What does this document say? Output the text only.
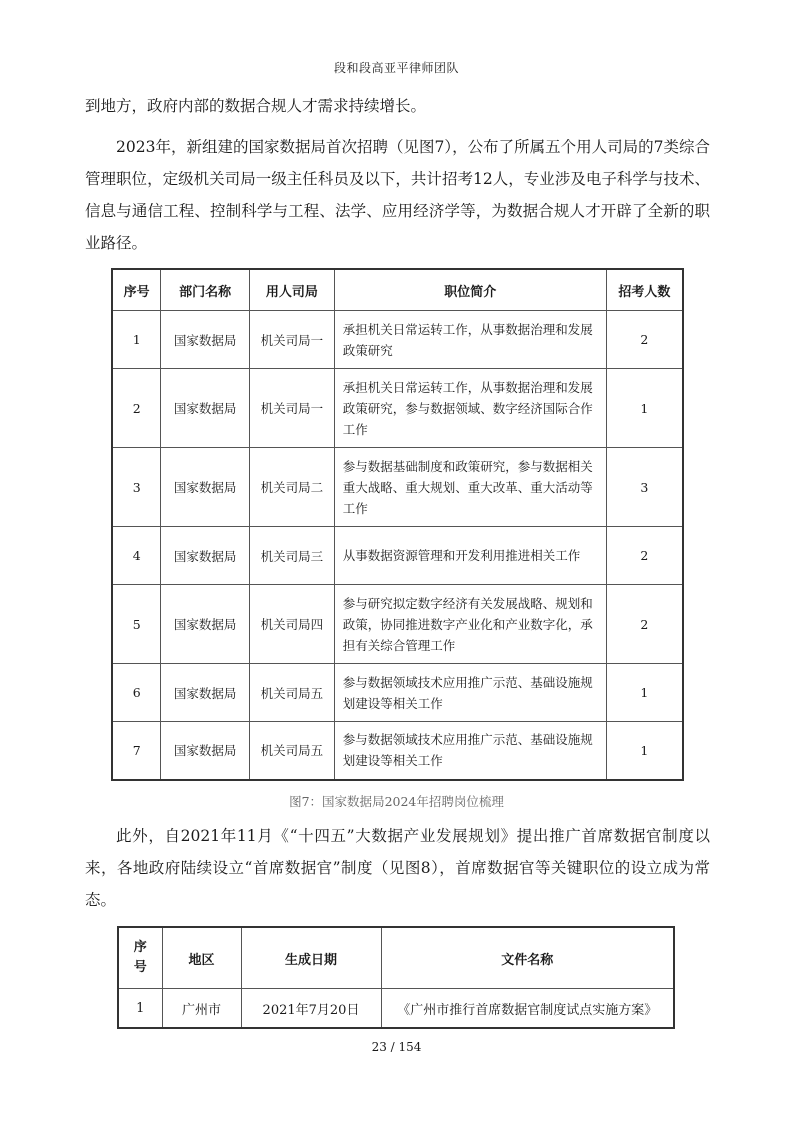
段和段高亚平律师团队

到地方，政府内部的数据合规人才需求持续增长。

2023年，新组建的国家数据局首次招聘（见图7），公布了所属五个用人司局的7类综合管理职位，定级机关司局一级主任科员及以下，共计招考12人，专业涉及电子科学与技术、信息与通信工程、控制科学与工程、法学、应用经济学等，为数据合规人才开辟了全新的职业路径。

序号	部门名称	用人司局	职位简介	招考人数
1	国家数据局	机关司局一	承担机关日常运转工作，从事数据治理和发展政策研究	2
2	国家数据局	机关司局一	承担机关日常运转工作，从事数据治理和发展政策研究，参与数据领域、数字经济国际合作工作	1
3	国家数据局	机关司局二	参与数据基础制度和政策研究，参与数据相关重大战略、重大规划、重大改革、重大活动等工作	3
4	国家数据局	机关司局三	从事数据资源管理和开发利用推进相关工作	2
5	国家数据局	机关司局四	参与研究拟定数字经济有关发展战略、规划和政策，协同推进数字产业化和产业数字化，承担有关综合管理工作	2
6	国家数据局	机关司局五	参与数据领域技术应用推广示范、基础设施规划建设等相关工作	1
7	国家数据局	机关司局五	参与数据领域技术应用推广示范、基础设施规划建设等相关工作	1
图7：国家数据局2024年招聘岗位梳理

此外，自2021年11月《“十四五”大数据产业发展规划》提出推广首席数据官制度以来，各地政府陆续设立“首席数据官”制度（见图8），首席数据官等关键职位的设立成为常态。

序号	地区	生成日期	文件名称
1	广州市	2021年7月20日	《广州市推行首席数据官制度试点实施方案》
23 / 154
